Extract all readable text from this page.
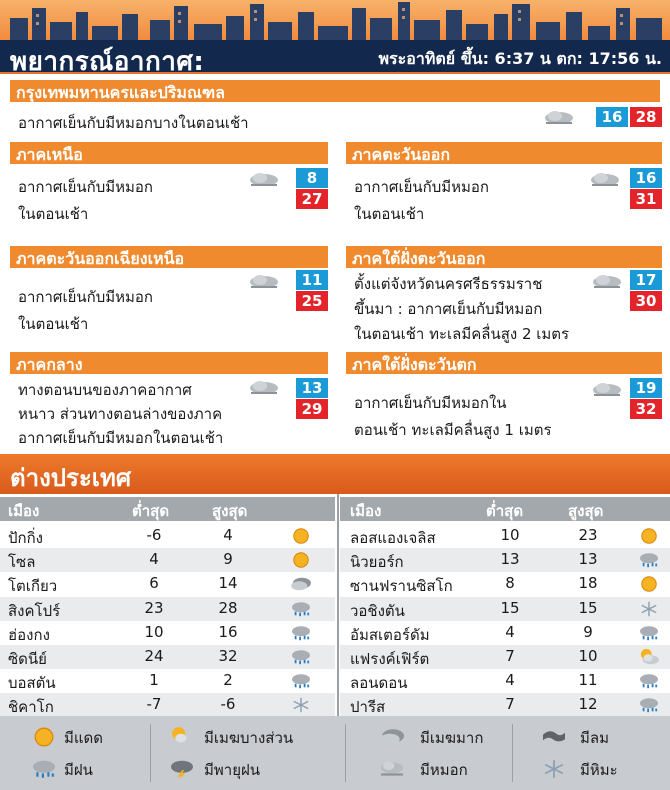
พยากรณ์อากาศ:	พระอาทิตย์ ขึ้น: 6:37 น ตก: 17:56 น.
กรุงเทพมหานครและปริมณฑล
อากาศเย็นกับมีหมอกบางในตอนเช้า	16 28
ภาคเหนือ
อากาศเย็นกับมีหมอก
ในตอนเช้า
8
27
ภาคตะวันออก
อากาศเย็นกับมีหมอก
ในตอนเช้า
16
31
ภาคตะวันออกเฉียงเหนือ
อากาศเย็นกับมีหมอก
ในตอนเช้า
11
25
ภาคใต้ฝั่งตะวันออก
ตั้งแต่จังหวัดนครศรีธรรมราช
ขึ้นมา : อากาศเย็นกับมีหมอก
ในตอนเช้า ทะเลมีคลื่นสูง 2 เมตร
17
30
ภาคกลาง
ทางตอนบนของภาคอากาศ
หนาว ส่วนทางตอนล่างของภาค
อากาศเย็นกับมีหมอกในตอนเช้า
13
29
ภาคใต้ฝั่งตะวันตก
อากาศเย็นกับมีหมอกใน
ตอนเช้า ทะเลมีคลื่นสูง 1 เมตร
19
32
ต่างประเทศ
เมือง	ต่ำสุด	สูงสุด	เมือง	ต่ำสุด	สูงสุด
ปักกิ่ง	-6	4
โซล	4	9
โตเกียว	6	14
สิงคโปร์	23	28
ฮ่องกง	10	16
ซิดนีย์	24	32
บอสตัน	1	2
ชิคาโก	-7	-6
ลอสแองเจลิส	10	23
นิวยอร์ก	13	13
ซานฟรานซิสโก	8	18
วอชิงตัน	15	15
อัมสเตอร์ดัม	4	9
แฟรงค์เฟิร์ต	7	10
ลอนดอน	4	11
ปารีส	7	12
มีแดด	มีเมฆบางส่วน	มีเมฆมาก	มีลม
มีฝน	มีพายุฝน	มีหมอก	มีหิมะ
